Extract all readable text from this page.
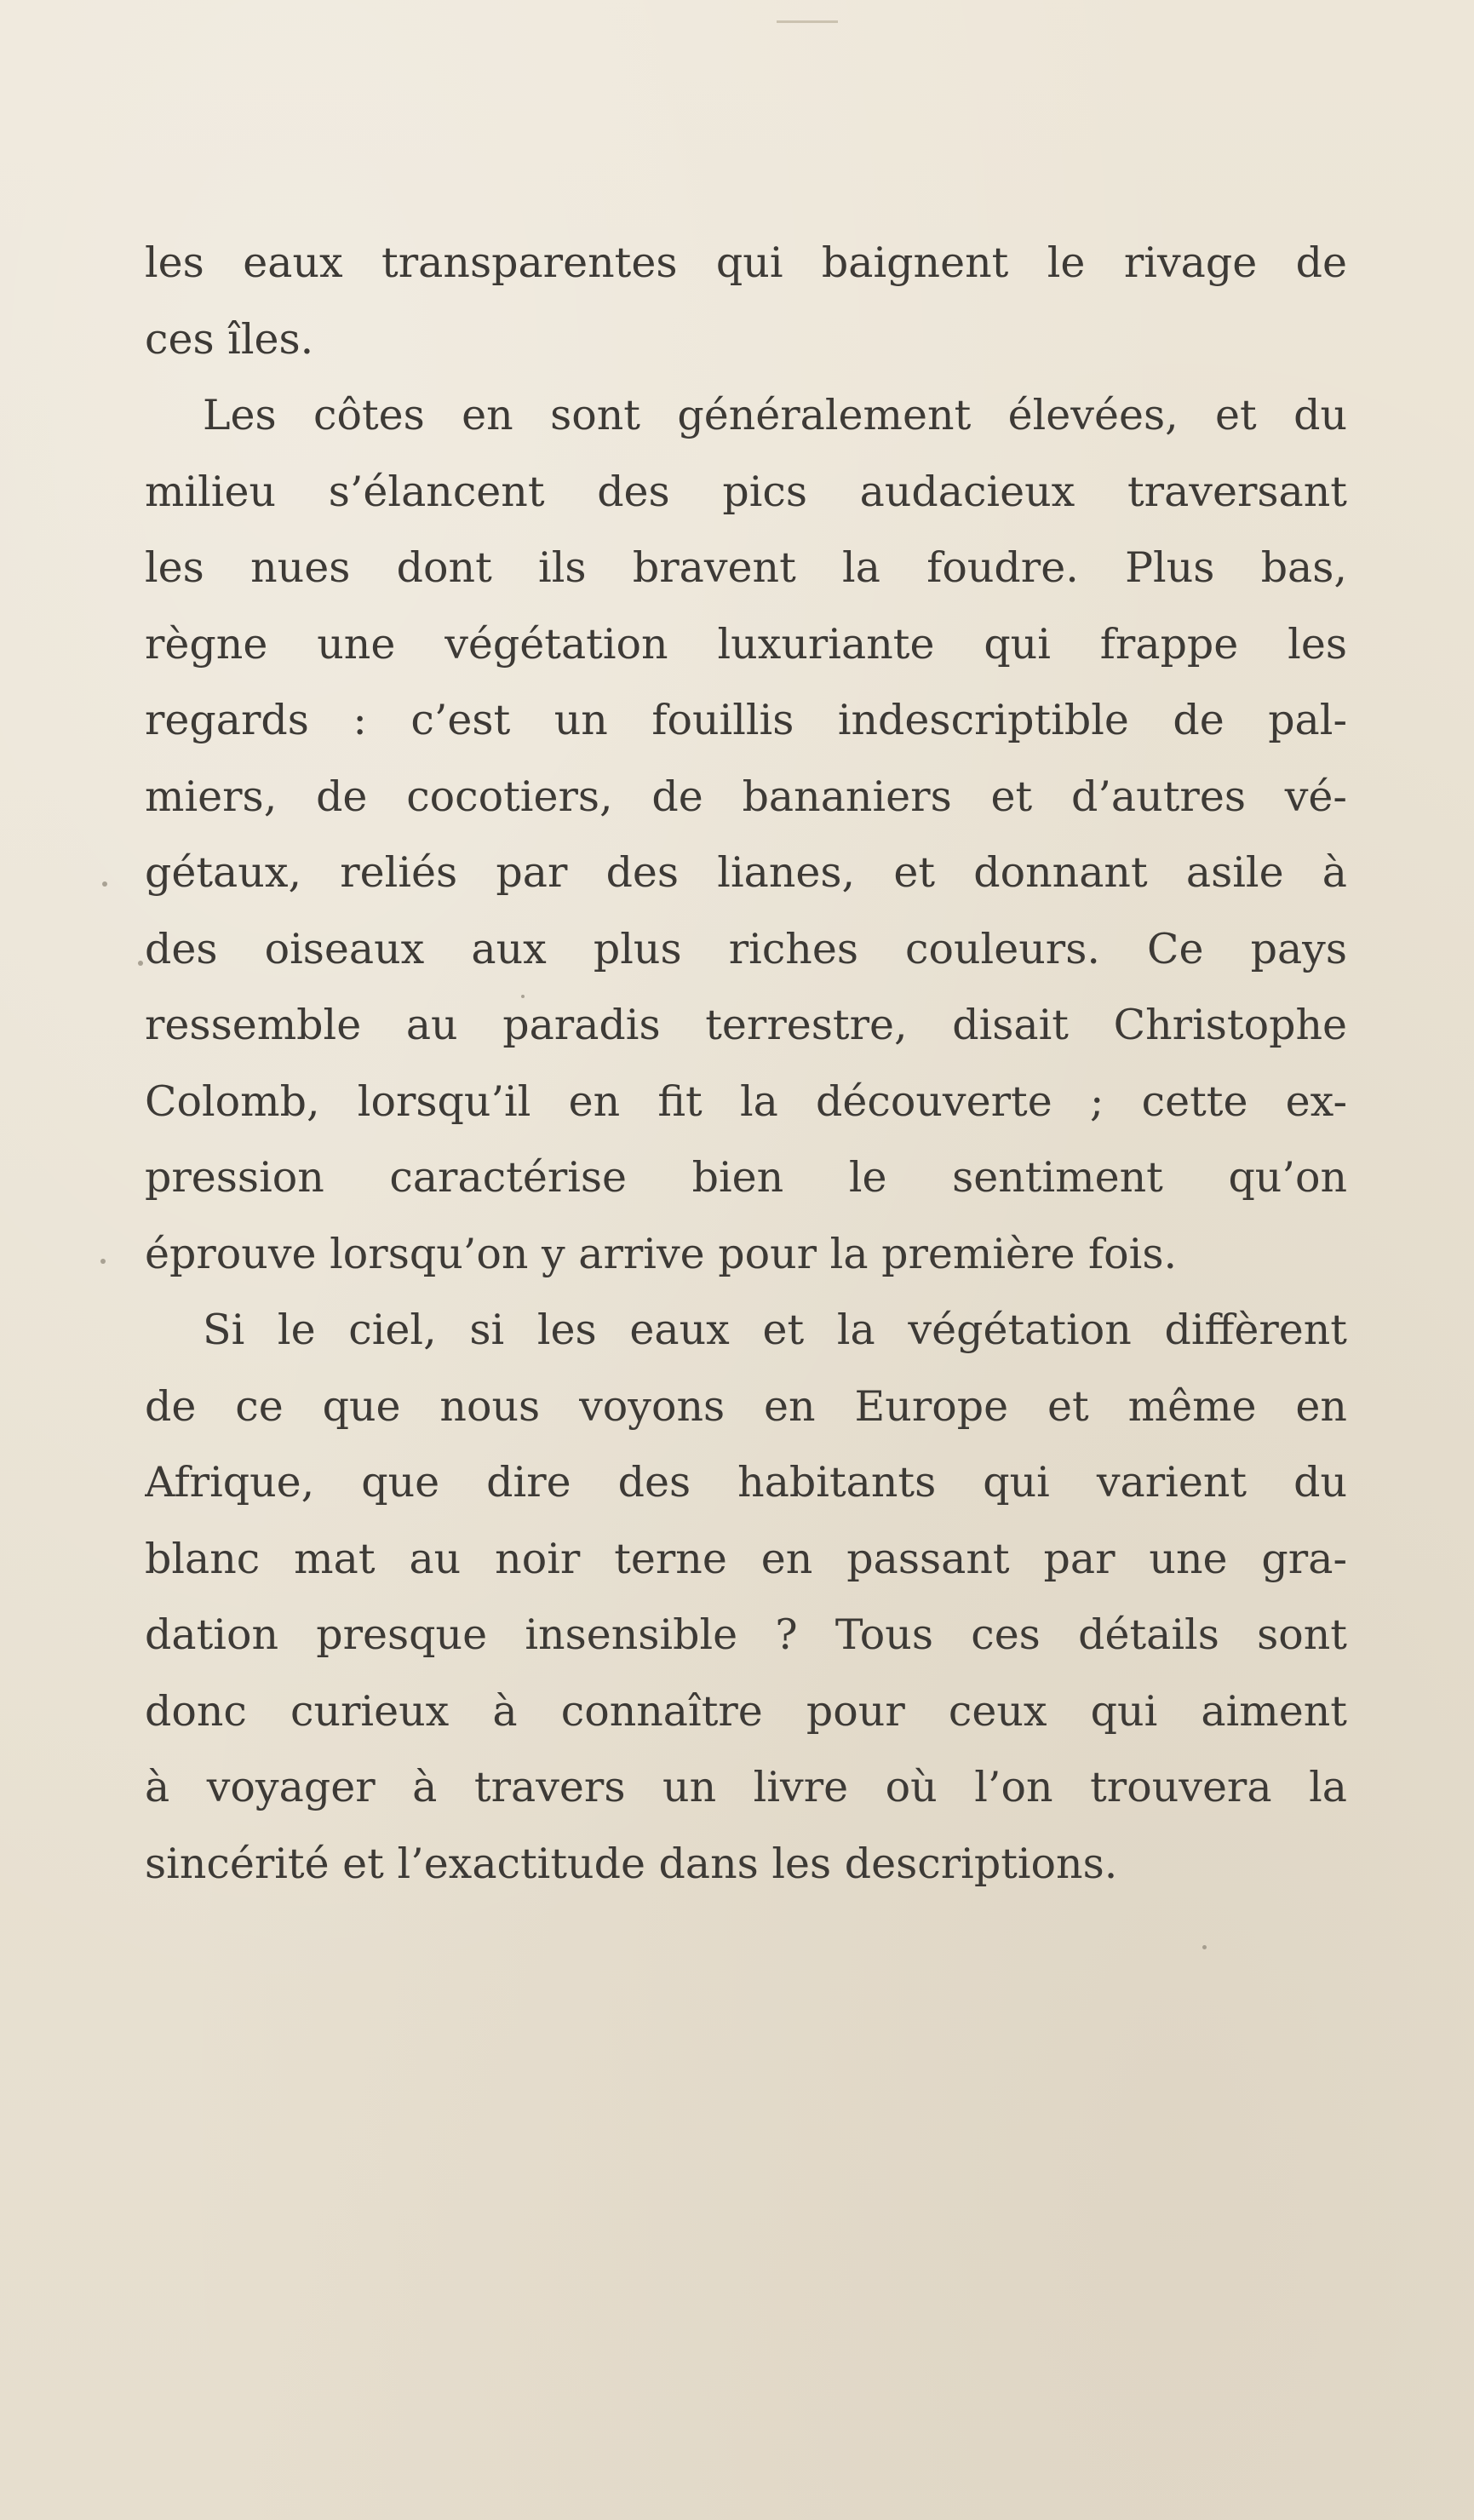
les eaux transparentes qui baignent le rivage de
ces îles.
Les côtes en sont généralement élevées, et du
milieu s’élancent des pics audacieux traversant
les nues dont ils bravent la foudre. Plus bas,
règne une végétation luxuriante qui frappe les
regards : c’est un fouillis indescriptible de pal-
miers, de cocotiers, de bananiers et d’autres vé-
gétaux, reliés par des lianes, et donnant asile à
des oiseaux aux plus riches couleurs. Ce pays
ressemble au paradis terrestre, disait Christophe
Colomb, lorsqu’il en fit la découverte ; cette ex-
pression caractérise bien le sentiment qu’on
éprouve lorsqu’on y arrive pour la première fois.
Si le ciel, si les eaux et la végétation diffèrent
de ce que nous voyons en Europe et même en
Afrique, que dire des habitants qui varient du
blanc mat au noir terne en passant par une gra-
dation presque insensible ? Tous ces détails sont
donc curieux à connaître pour ceux qui aiment
à voyager à travers un livre où l’on trouvera la
sincérité et l’exactitude dans les descriptions.
